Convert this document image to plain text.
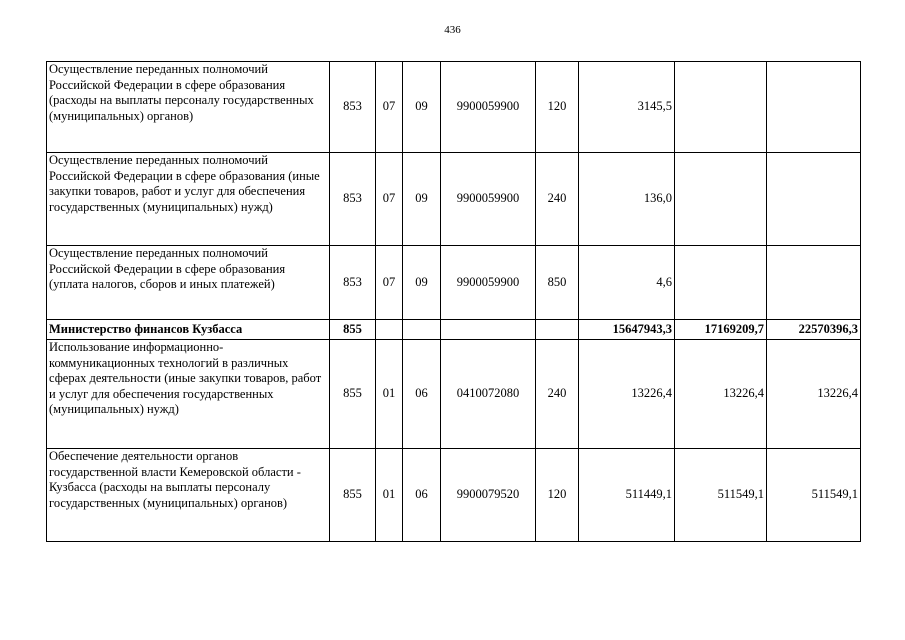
436
Осуществление переданных полномочий Российской Федерации в сфере образования (расходы на выплаты персоналу государственных (муниципальных) органов)	853	07	09	9900059900	120	3145,5		
Осуществление переданных полномочий Российской Федерации в сфере образования (иные закупки товаров, работ и услуг для обеспечения государственных (муниципальных) нужд)	853	07	09	9900059900	240	136,0		
Осуществление переданных полномочий Российской Федерации в сфере образования (уплата налогов, сборов и иных платежей)	853	07	09	9900059900	850	4,6		
Министерство финансов Кузбасса	855					15647943,3	17169209,7	22570396,3
Использование информационно-коммуникационных технологий в различных сферах деятельности (иные закупки товаров, работ и услуг для обеспечения государственных (муниципальных) нужд)	855	01	06	0410072080	240	13226,4	13226,4	13226,4
Обеспечение деятельности органов государственной власти Кемеровской области - Кузбасса (расходы на выплаты персоналу государственных (муниципальных) органов)	855	01	06	9900079520	120	511449,1	511549,1	511549,1
